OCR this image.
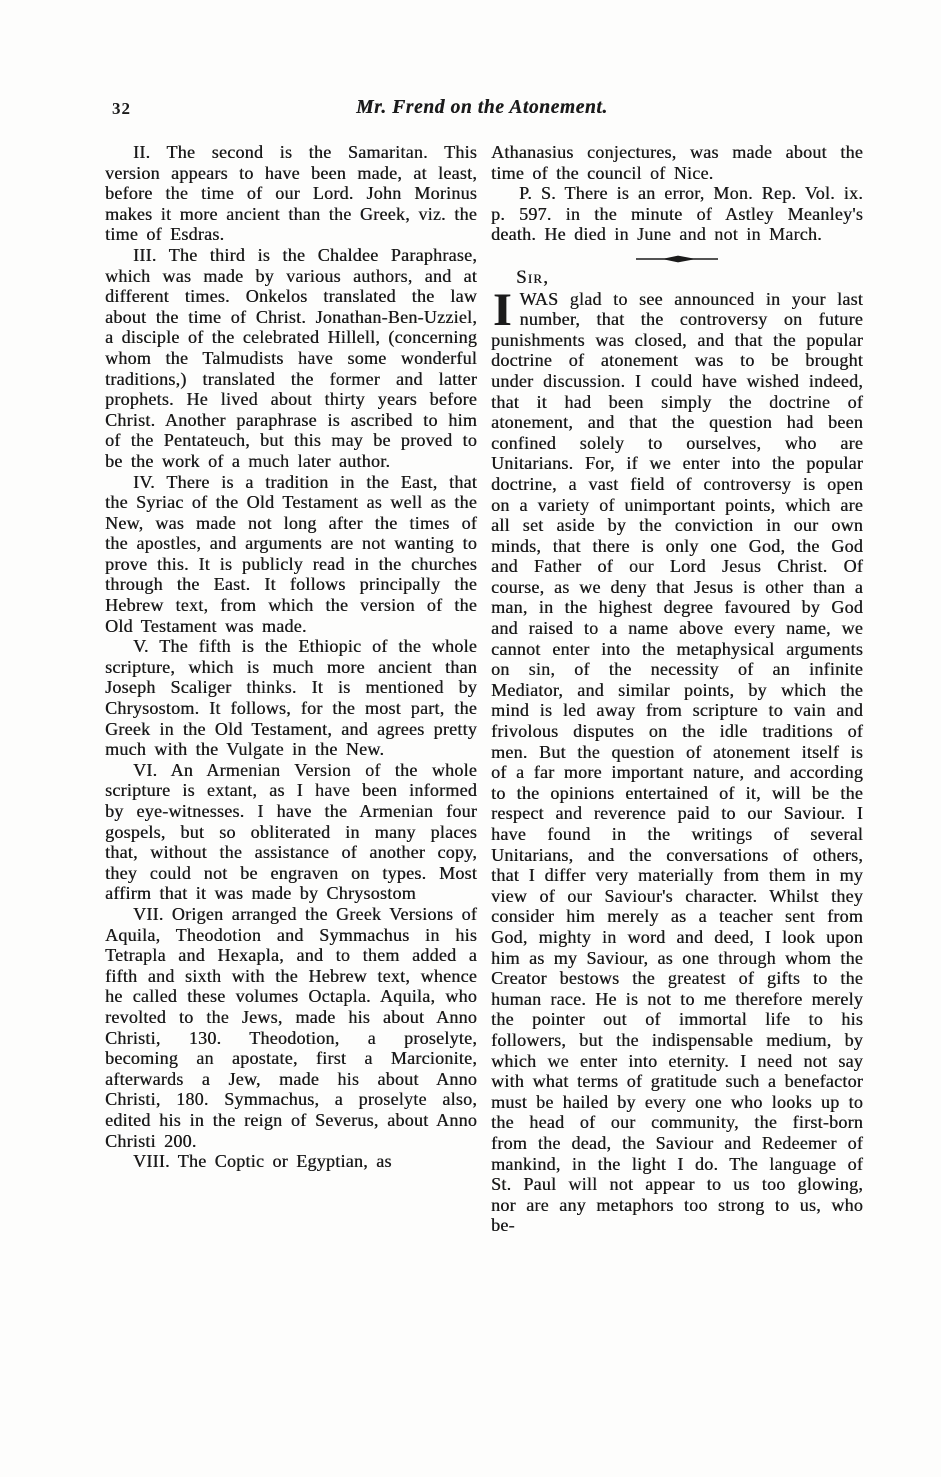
32	Mr. Frend on the Atonement.

II. The second is the Samaritan. This version appears to have been made, at least, before the time of our Lord. John Morinus makes it more ancient than the Greek, viz. the time of Esdras.

III. The third is the Chaldee Paraphrase, which was made by various authors, and at different times. Onkelos translated the law about the time of Christ. Jonathan-Ben-Uzziel, a disciple of the celebrated Hillell, (concerning whom the Talmudists have some wonderful traditions,) translated the former and latter prophets. He lived about thirty years before Christ. Another paraphrase is ascribed to him of the Pentateuch, but this may be proved to be the work of a much later author.

IV. There is a tradition in the East, that the Syriac of the Old Testament as well as the New, was made not long after the times of the apostles, and arguments are not wanting to prove this. It is publicly read in the churches through the East. It follows principally the Hebrew text, from which the version of the Old Testament was made.

V. The fifth is the Ethiopic of the whole scripture, which is much more ancient than Joseph Scaliger thinks. It is mentioned by Chrysostom. It follows, for the most part, the Greek in the Old Testament, and agrees pretty much with the Vulgate in the New.

VI. An Armenian Version of the whole scripture is extant, as I have been informed by eye-witnesses. I have the Armenian four gospels, but so obliterated in many places that, without the assistance of another copy, they could not be engraven on types. Most affirm that it was made by Chrysostom

VII. Origen arranged the Greek Versions of Aquila, Theodotion and Symmachus in his Tetrapla and Hexapla, and to them added a fifth and sixth with the Hebrew text, whence he called these volumes Octapla. Aquila, who revolted to the Jews, made his about Anno Christi, 130. Theodotion, a proselyte, becoming an apostate, first a Marcionite, afterwards a Jew, made his about Anno Christi, 180. Symmachus, a proselyte also, edited his in the reign of Severus, about Anno Christi 200.

VIII. The Coptic or Egyptian, as

Athanasius conjectures, was made about the time of the council of Nice.

P. S. There is an error, Mon. Rep. Vol. ix. p. 597. in the minute of Astley Meanley's death. He died in June and not in March.

Sir,

IWAS glad to see announced in your last number, that the controversy on future punishments was closed, and that the popular doctrine of atonement was to be brought under discussion. I could have wished indeed, that it had been simply the doctrine of atonement, and that the question had been confined solely to ourselves, who are Unitarians. For, if we enter into the popular doctrine, a vast field of controversy is open on a variety of unimportant points, which are all set aside by the conviction in our own minds, that there is only one God, the God and Father of our Lord Jesus Christ. Of course, as we deny that Jesus is other than a man, in the highest degree favoured by God and raised to a name above every name, we cannot enter into the metaphysical arguments on sin, of the necessity of an infinite Mediator, and similar points, by which the mind is led away from scripture to vain and frivolous disputes on the idle traditions of men. But the question of atonement itself is of a far more important nature, and according to the opinions entertained of it, will be the respect and reverence paid to our Saviour. I have found in the writings of several Unitarians, and the conversations of others, that I differ very materially from them in my view of our Saviour's character. Whilst they consider him merely as a teacher sent from God, mighty in word and deed, I look upon him as my Saviour, as one through whom the Creator bestows the greatest of gifts to the human race. He is not to me therefore merely the pointer out of immortal life to his followers, but the indispensable medium, by which we enter into eternity. I need not say with what terms of gratitude such a benefactor must be hailed by every one who looks up to the head of our community, the first-born from the dead, the Saviour and Redeemer of mankind, in the light I do. The language of St. Paul will not appear to us too glowing, nor are any metaphors too strong to us, who be-
